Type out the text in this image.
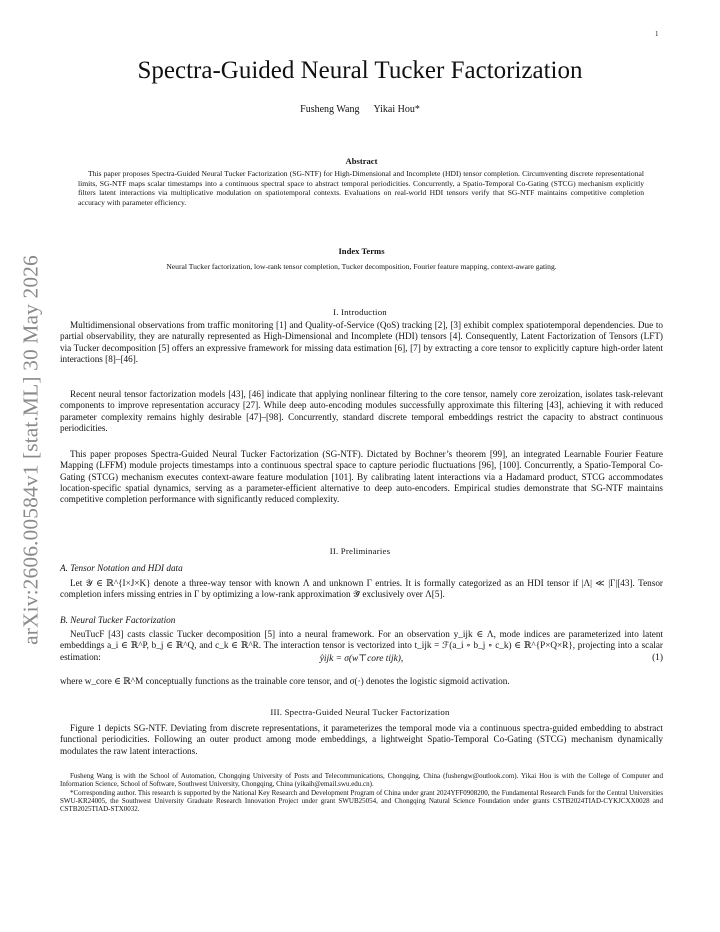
1
arXiv:2606.00584v1 [stat.ML] 30 May 2026
Spectra-Guided Neural Tucker Factorization
Fusheng Wang Yikai Hou*
Abstract
This paper proposes Spectra-Guided Neural Tucker Factorization (SG-NTF) for High-Dimensional and Incomplete (HDI) tensor completion. Circumventing discrete representational limits, SG-NTF maps scalar timestamps into a continuous spectral space to abstract temporal periodicities. Concurrently, a Spatio-Temporal Co-Gating (STCG) mechanism explicitly filters latent interactions via multiplicative modulation on spatiotemporal contexts. Evaluations on real-world HDI tensors verify that SG-NTF maintains competitive completion accuracy with parameter efficiency.
Index Terms
Neural Tucker factorization, low-rank tensor completion, Tucker decomposition, Fourier feature mapping, context-aware gating.
I. Introduction

Multidimensional observations from traffic monitoring [1] and Quality-of-Service (QoS) tracking [2], [3] exhibit complex spatiotemporal dependencies. Due to partial observability, they are naturally represented as High-Dimensional and Incomplete (HDI) tensors [4]. Consequently, Latent Factorization of Tensors (LFT) via Tucker decomposition [5] offers an expressive framework for missing data estimation [6], [7] by extracting a core tensor to explicitly capture high-order latent interactions [8]–[46].

Recent neural tensor factorization models [43], [46] indicate that applying nonlinear filtering to the core tensor, namely core zeroization, isolates task-relevant components to improve representation accuracy [27]. While deep auto-encoding modules successfully approximate this filtering [43], achieving it with reduced parameter complexity remains highly desirable [47]–[98]. Concurrently, standard discrete temporal embeddings restrict the capacity to abstract continuous periodicities.

This paper proposes Spectra-Guided Neural Tucker Factorization (SG-NTF). Dictated by Bochner’s theorem [99], an integrated Learnable Fourier Feature Mapping (LFFM) module projects timestamps into a continuous spectral space to capture periodic fluctuations [96], [100]. Concurrently, a Spatio-Temporal Co-Gating (STCG) mechanism executes context-aware feature modulation [101]. By calibrating latent interactions via a Hadamard product, STCG accommodates location-specific spatial dynamics, serving as a parameter-efficient alternative to deep auto-encoders. Empirical studies demonstrate that SG-NTF maintains competitive completion performance with significantly reduced complexity.

II. Preliminaries
A. Tensor Notation and HDI data

Let 𝒴 ∈ ℝ^{I×J×K} denote a three-way tensor with known Λ and unknown Γ entries. It is formally categorized as an HDI tensor if |Λ| ≪ |Γ|[43]. Tensor completion infers missing entries in Γ by optimizing a low-rank approximation 𝒴̂ exclusively over Λ[5].

B. Neural Tucker Factorization

NeuTucF [43] casts classic Tucker decomposition [5] into a neural framework. For an observation y_ijk ∈ Λ, mode indices are parameterized into latent embeddings a_i ∈ ℝ^P, b_j ∈ ℝ^Q, and c_k ∈ ℝ^R. The interaction tensor is vectorized into t_ijk = ℱ(a_i ∘ b_j ∘ c_k) ∈ ℝ^{P×Q×R}, projecting into a scalar estimation:	ŷijk = σ(w⊤core tijk),	(1)

where w_core ∈ ℝ^M conceptually functions as the trainable core tensor, and σ(·) denotes the logistic sigmoid activation.

III. Spectra-Guided Neural Tucker Factorization

Figure 1 depicts SG-NTF. Deviating from discrete representations, it parameterizes the temporal mode via a continuous spectra-guided embedding to abstract functional periodicities. Following an outer product among mode embeddings, a lightweight Spatio-Temporal Co-Gating (STCG) mechanism dynamically modulates the raw latent interactions.

Fusheng Wang is with the School of Automation, Chongqing University of Posts and Telecommunications, Chongqing, China (fushengw@outlook.com). Yikai Hou is with the College of Computer and Information Science, School of Software, Southwest University, Chongqing, China (yikaih@email.swu.edu.cn).
*Corresponding author. This research is supported by the National Key Research and Development Program of China under grant 2024YFF0908200, the Fundamental Research Funds for the Central Universities SWU-KR24005, the Southwest University Graduate Research Innovation Project under grant SWUB25054, and Chongqing Natural Science Foundation under grants CSTB2024TIAD-CYKJCXX0028 and CSTB2025TIAD-STX0032.
